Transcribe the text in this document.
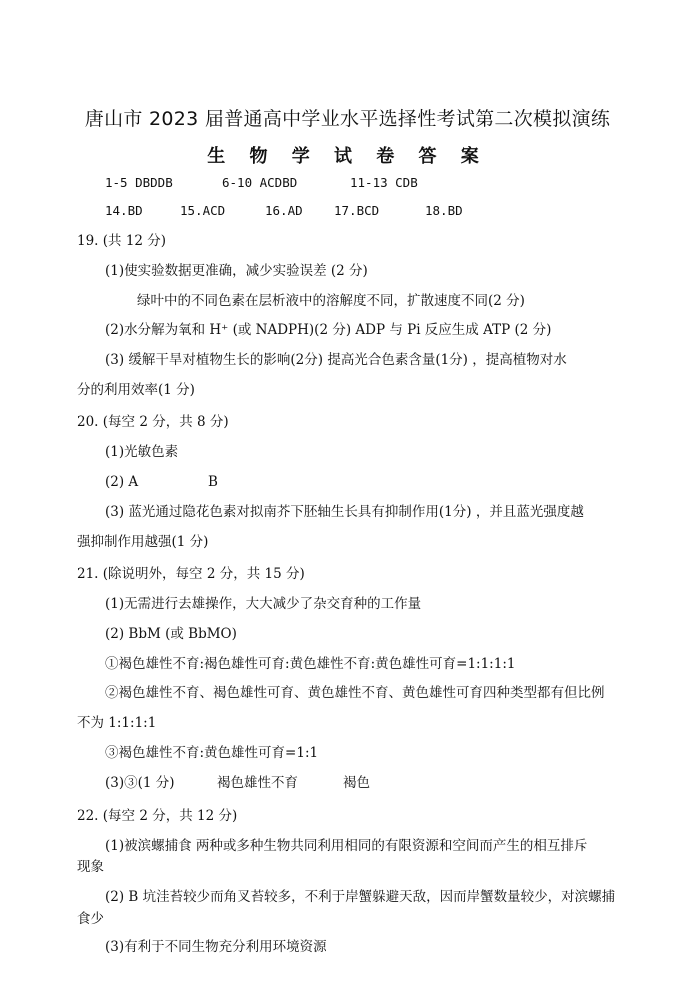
唐山市 2023 届普通高中学业水平选择性考试第二次模拟演练
生 物 学 试 卷 答 案
1-5 DBDDB	6-10 ACDBD	11-13 CDB
14.BD	15.ACD	16.AD	17.BCD	18.BD
19. (共 12 分)
(1)使实验数据更准确，减少实验误差 (2 分)
绿叶中的不同色素在层析液中的溶解度不同，扩散速度不同(2 分)
(2)水分解为氧和 H⁺ (或 NADPH)(2 分) ADP 与 Pi 反应生成 ATP (2 分)
(3) 缓解干旱对植物生长的影响(2分) 提高光合色素含量(1分) ，提高植物对水
分的利用效率(1 分)
20. (每空 2 分，共 8 分)
(1)光敏色素
(2) A	B
(3) 蓝光通过隐花色素对拟南芥下胚轴生长具有抑制作用(1分) ，并且蓝光强度越
强抑制作用越强(1 分)
21. (除说明外，每空 2 分，共 15 分)
(1)无需进行去雄操作，大大减少了杂交育种的工作量
(2) BbM (或 BbMO)
①褐色雄性不育:褐色雄性可育:黄色雄性不育:黄色雄性可育=1:1:1:1
②褐色雄性不育、褐色雄性可育、黄色雄性不育、黄色雄性可育四种类型都有但比例
不为 1:1:1:1
③褐色雄性不育:黄色雄性可育=1:1
(3)③(1 分)	褐色雄性不育	褐色
22. (每空 2 分，共 12 分)
(1)被滨螺捕食 两种或多种生物共同利用相同的有限资源和空间而产生的相互排斥
现象
(2) B 坑洼苔较少而角叉苔较多，不利于岸蟹躲避天敌，因而岸蟹数量较少，对滨螺捕
食少
(3)有利于不同生物充分利用环境资源
